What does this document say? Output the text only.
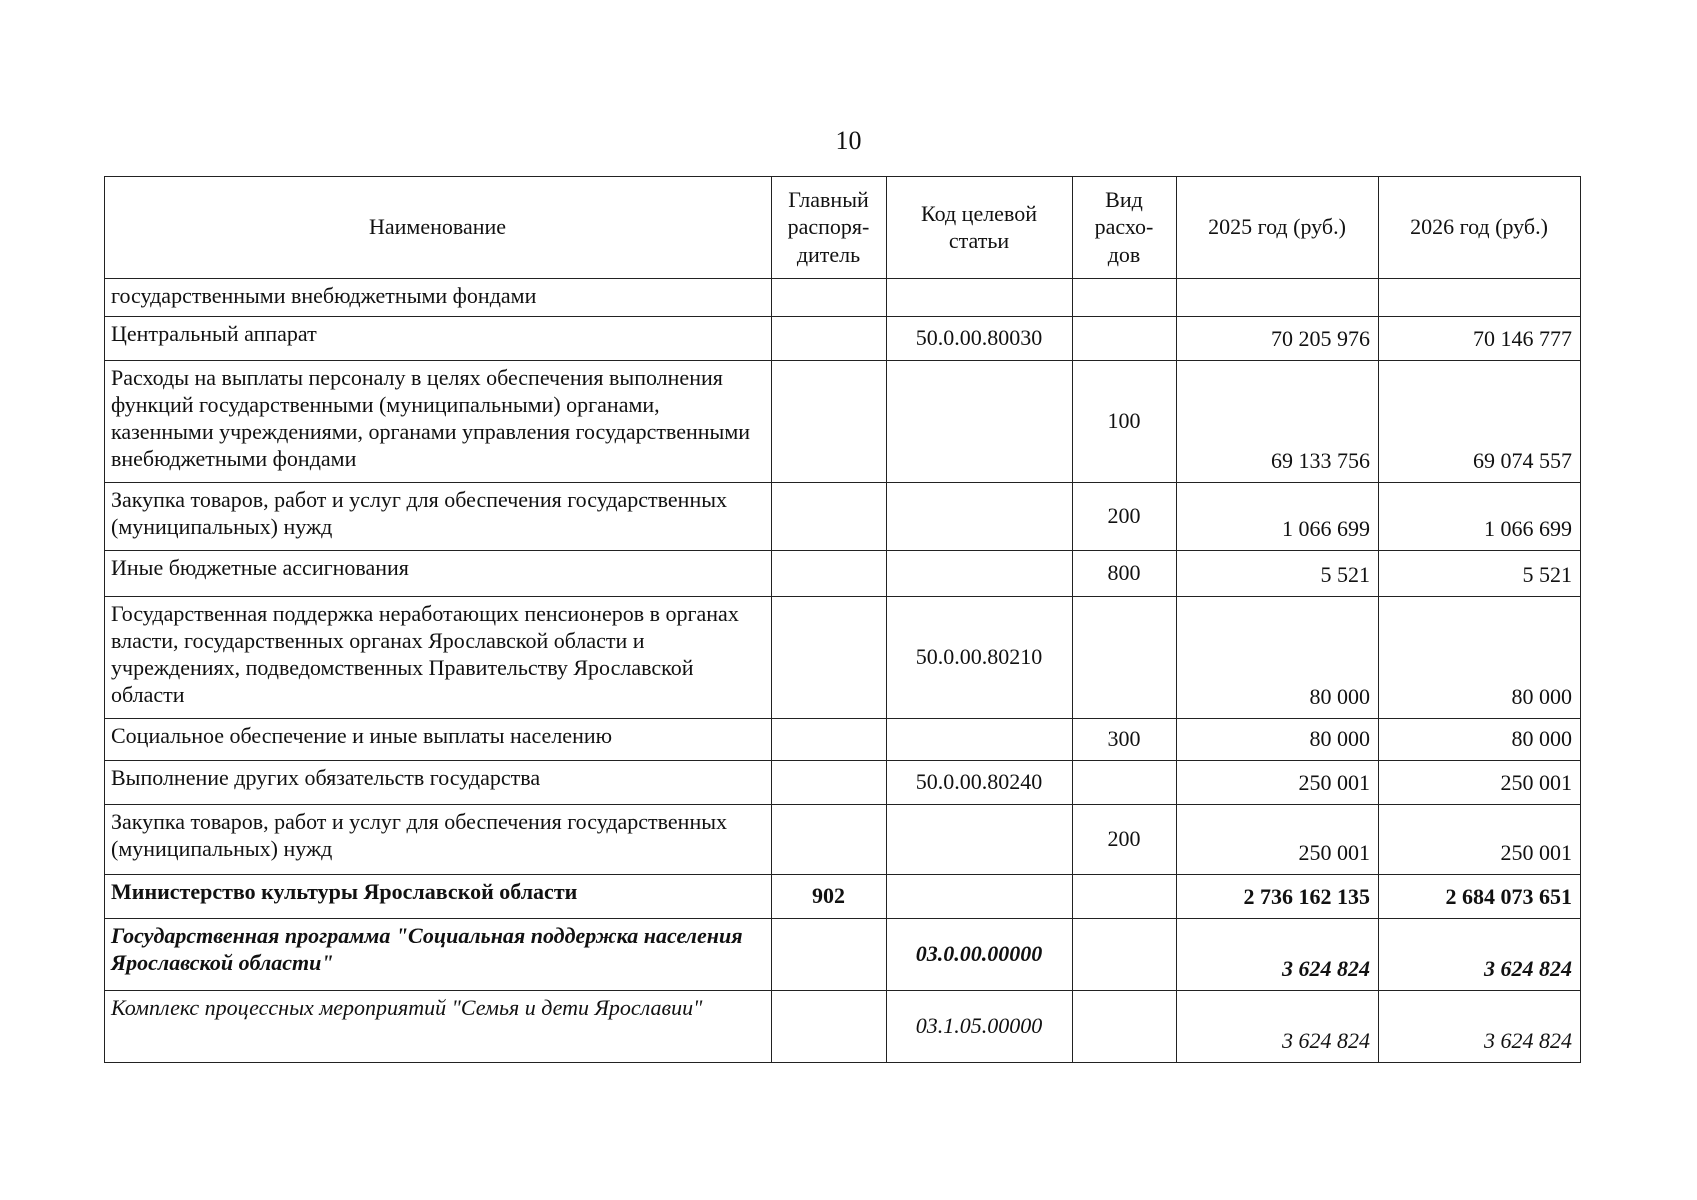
10
Наименование	Главный распоря-дитель	Код целевой статьи	Вид расхо-дов	2025 год (руб.)	2026 год (руб.)
государственными внебюджетными фондами					
Центральный аппарат		50.0.00.80030		70 205 976	70 146 777
Расходы на выплаты персоналу в целях обеспечения выполнения функций государственными (муниципальными) органами, казенными учреждениями, органами управления государственными внебюджетными фондами			100	69 133 756	69 074 557
Закупка товаров, работ и услуг для обеспечения государственных (муниципальных) нужд			200	1 066 699	1 066 699
Иные бюджетные ассигнования			800	5 521	5 521
Государственная поддержка неработающих пенсионеров в органах власти, государственных органах Ярославской области и учреждениях, подведомственных Правительству Ярославской области		50.0.00.80210		80 000	80 000
Социальное обеспечение и иные выплаты населению			300	80 000	80 000
Выполнение других обязательств государства		50.0.00.80240		250 001	250 001
Закупка товаров, работ и услуг для обеспечения государственных (муниципальных) нужд			200	250 001	250 001
Министерство культуры Ярославской области	902			2 736 162 135	2 684 073 651
Государственная программа "Социальная поддержка населения Ярославской области"		03.0.00.00000		3 624 824	3 624 824
Комплекс процессных мероприятий "Семья и дети Ярославии"		03.1.05.00000		3 624 824	3 624 824
